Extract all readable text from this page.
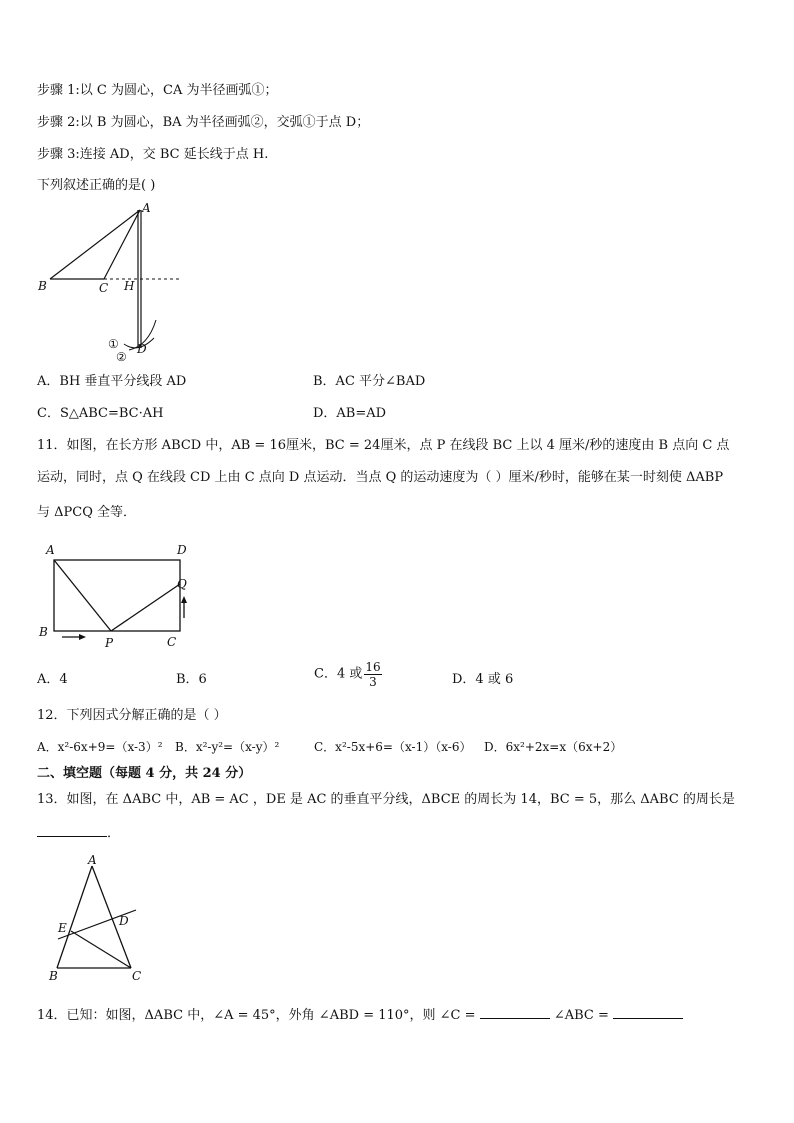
步骤 1:以 C 为圆心，CA 为半径画弧①；

步骤 2:以 B 为圆心，BA 为半径画弧②，交弧①于点 D；

步骤 3:连接 AD，交 BC 延长线于点 H.

下列叙述正确的是( )

A
B	C H
D
①
②

A．BH 垂直平分线段 AD	B．AC 平分∠BAD

C．S△ABC=BC·AH	D．AB=AD

11．如图，在长方形 ABCD 中，AB = 16厘米，BC = 24厘米，点 P 在线段 BC 上以 4 厘米/秒的速度由 B 点向 C 点

运动，同时，点 Q 在线段 CD 上由 C 点向 D 点运动．当点 Q 的运动速度为（ ）厘米/秒时，能够在某一时刻使 ΔABP

与 ΔPCQ 全等．

A	D
B
C
P
Q

A．4	B．6	C．4 或 $\frac{16}{3}$	D．4 或 6

12．下列因式分解正确的是（ ）

A．x²-6x+9=（x-3）² B．x²-y²=（x-y）²	C．x²-5x+6=（x-1）（x-6） D．6x²+2x=x（6x+2）

二、填空题（每题 4 分，共 24 分）

13．如图，在 ΔABC 中，AB = AC ，DE 是 AC 的垂直平分线，ΔBCE 的周长为 14，BC = 5，那么 ΔABC 的周长是

．
A
E	D
B	C
14．已知：如图，ΔABC 中，∠A = 45°，外角 ∠ABD = 110°，则 ∠C =	∠ABC =
